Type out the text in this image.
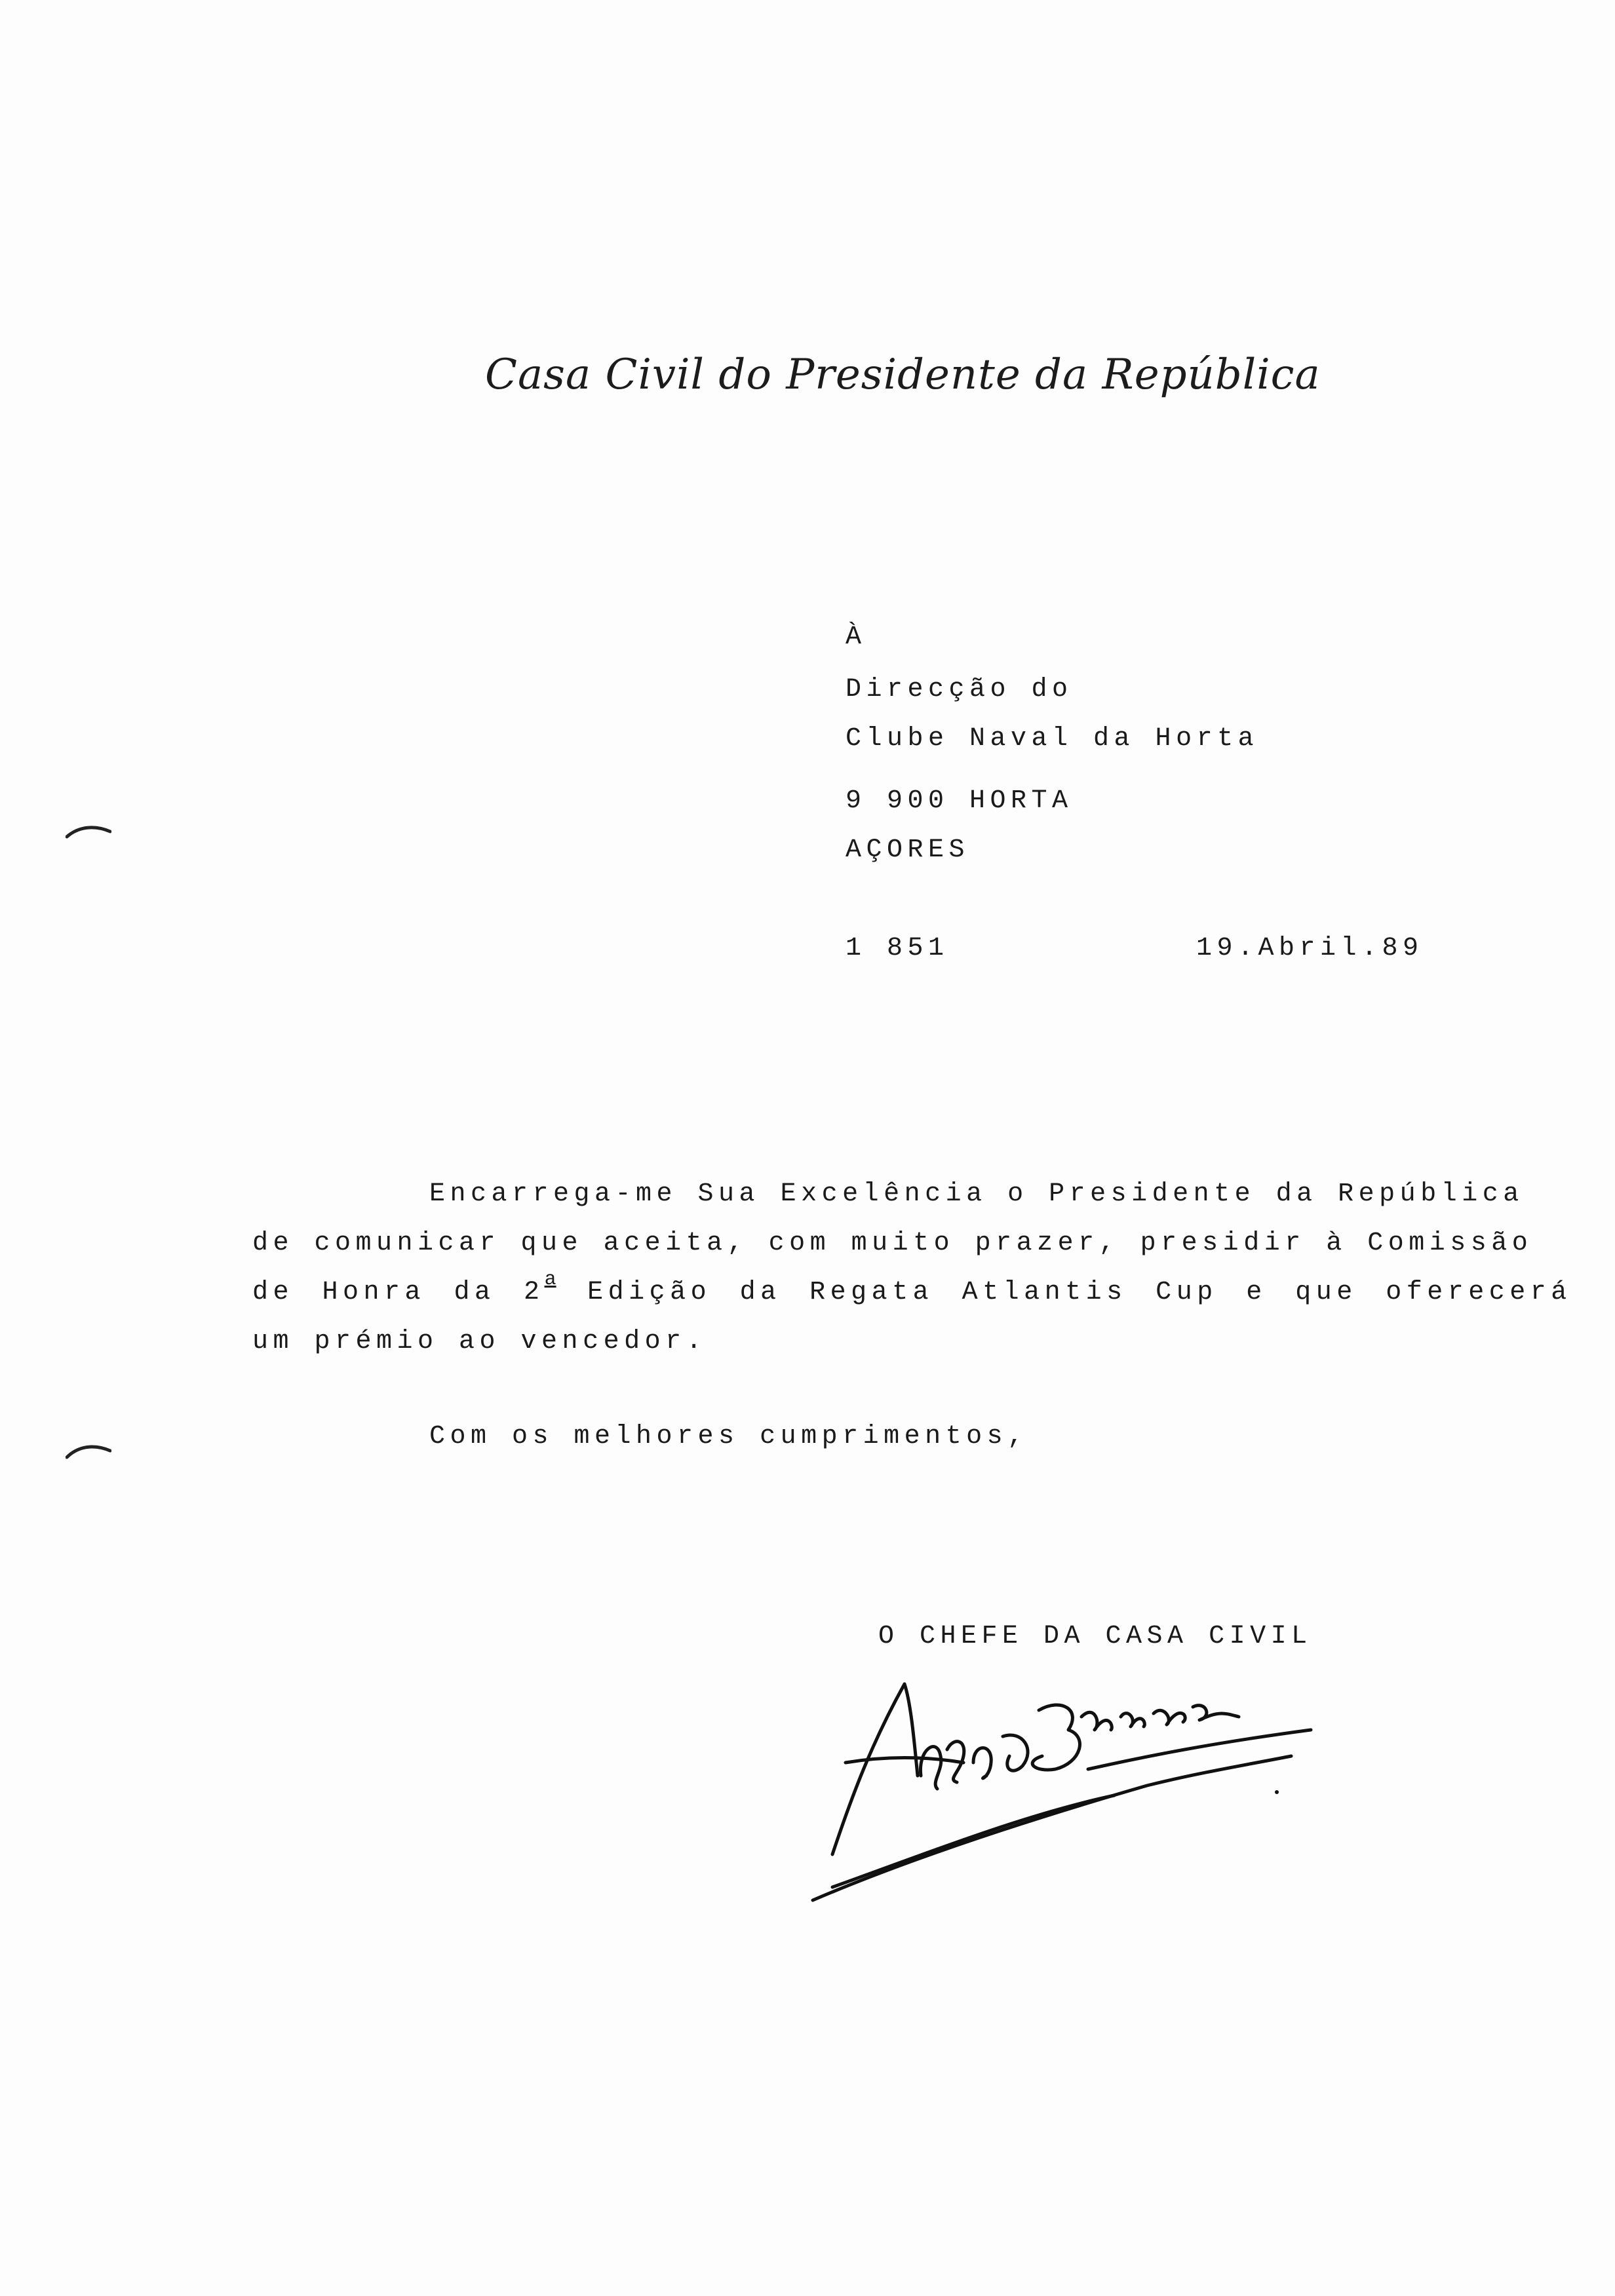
Casa Civil do Presidente da República
À
Direcção do
Clube Naval da Horta
9 900 HORTA
AÇORES
1 851	19.Abril.89
Encarrega-me Sua Excelência o Presidente da República
de comunicar que aceita, com muito prazer, presidir à Comissão
de Honra da 2a Edição da Regata Atlantis Cup e que oferecerá
um prémio ao vencedor.
Com os melhores cumprimentos,
O CHEFE DA CASA CIVIL
